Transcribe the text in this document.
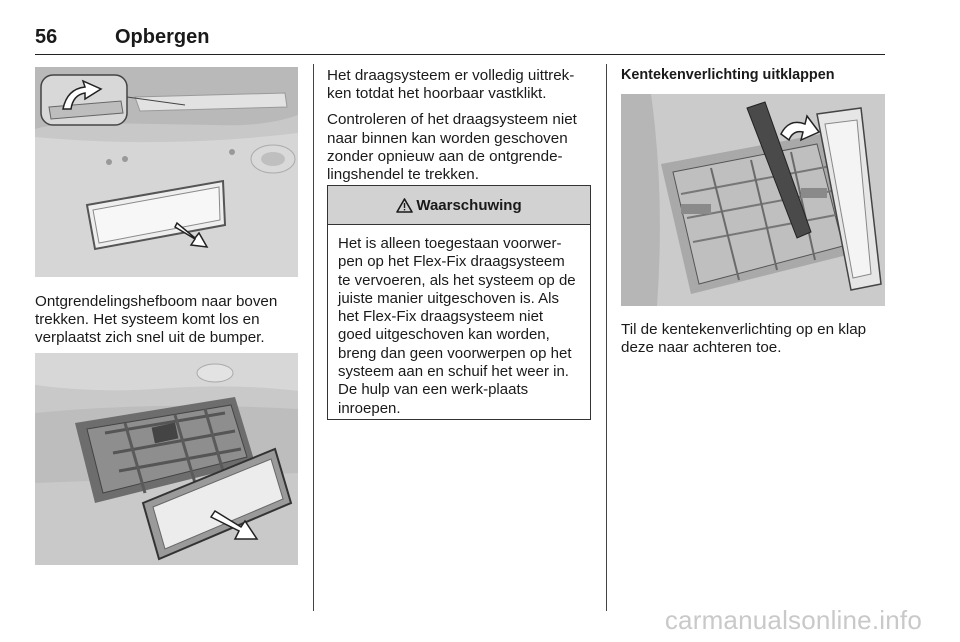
56	Opbergen

Ontgrendelingshefboom naar boven trekken. Het systeem komt los en verplaatst zich snel uit de bumper.

Het draagsysteem er volledig uittrek-ken totdat het hoorbaar vastklikt.

Controleren of het draagsysteem niet naar binnen kan worden geschoven zonder opnieuw aan de ontgrende-lingshendel te trekken.

Waarschuwing
Het is alleen toegestaan voorwer-pen op het Flex-Fix draagsysteem te vervoeren, als het systeem op de juiste manier uitgeschoven is. Als het Flex-Fix draagsysteem niet goed uitgeschoven kan worden, breng dan geen voorwerpen op het systeem aan en schuif het weer in. De hulp van een werk-plaats inroepen.
Kentekenverlichting uitklappen

Til de kentekenverlichting op en klap deze naar achteren toe.

carmanualsonline.info
